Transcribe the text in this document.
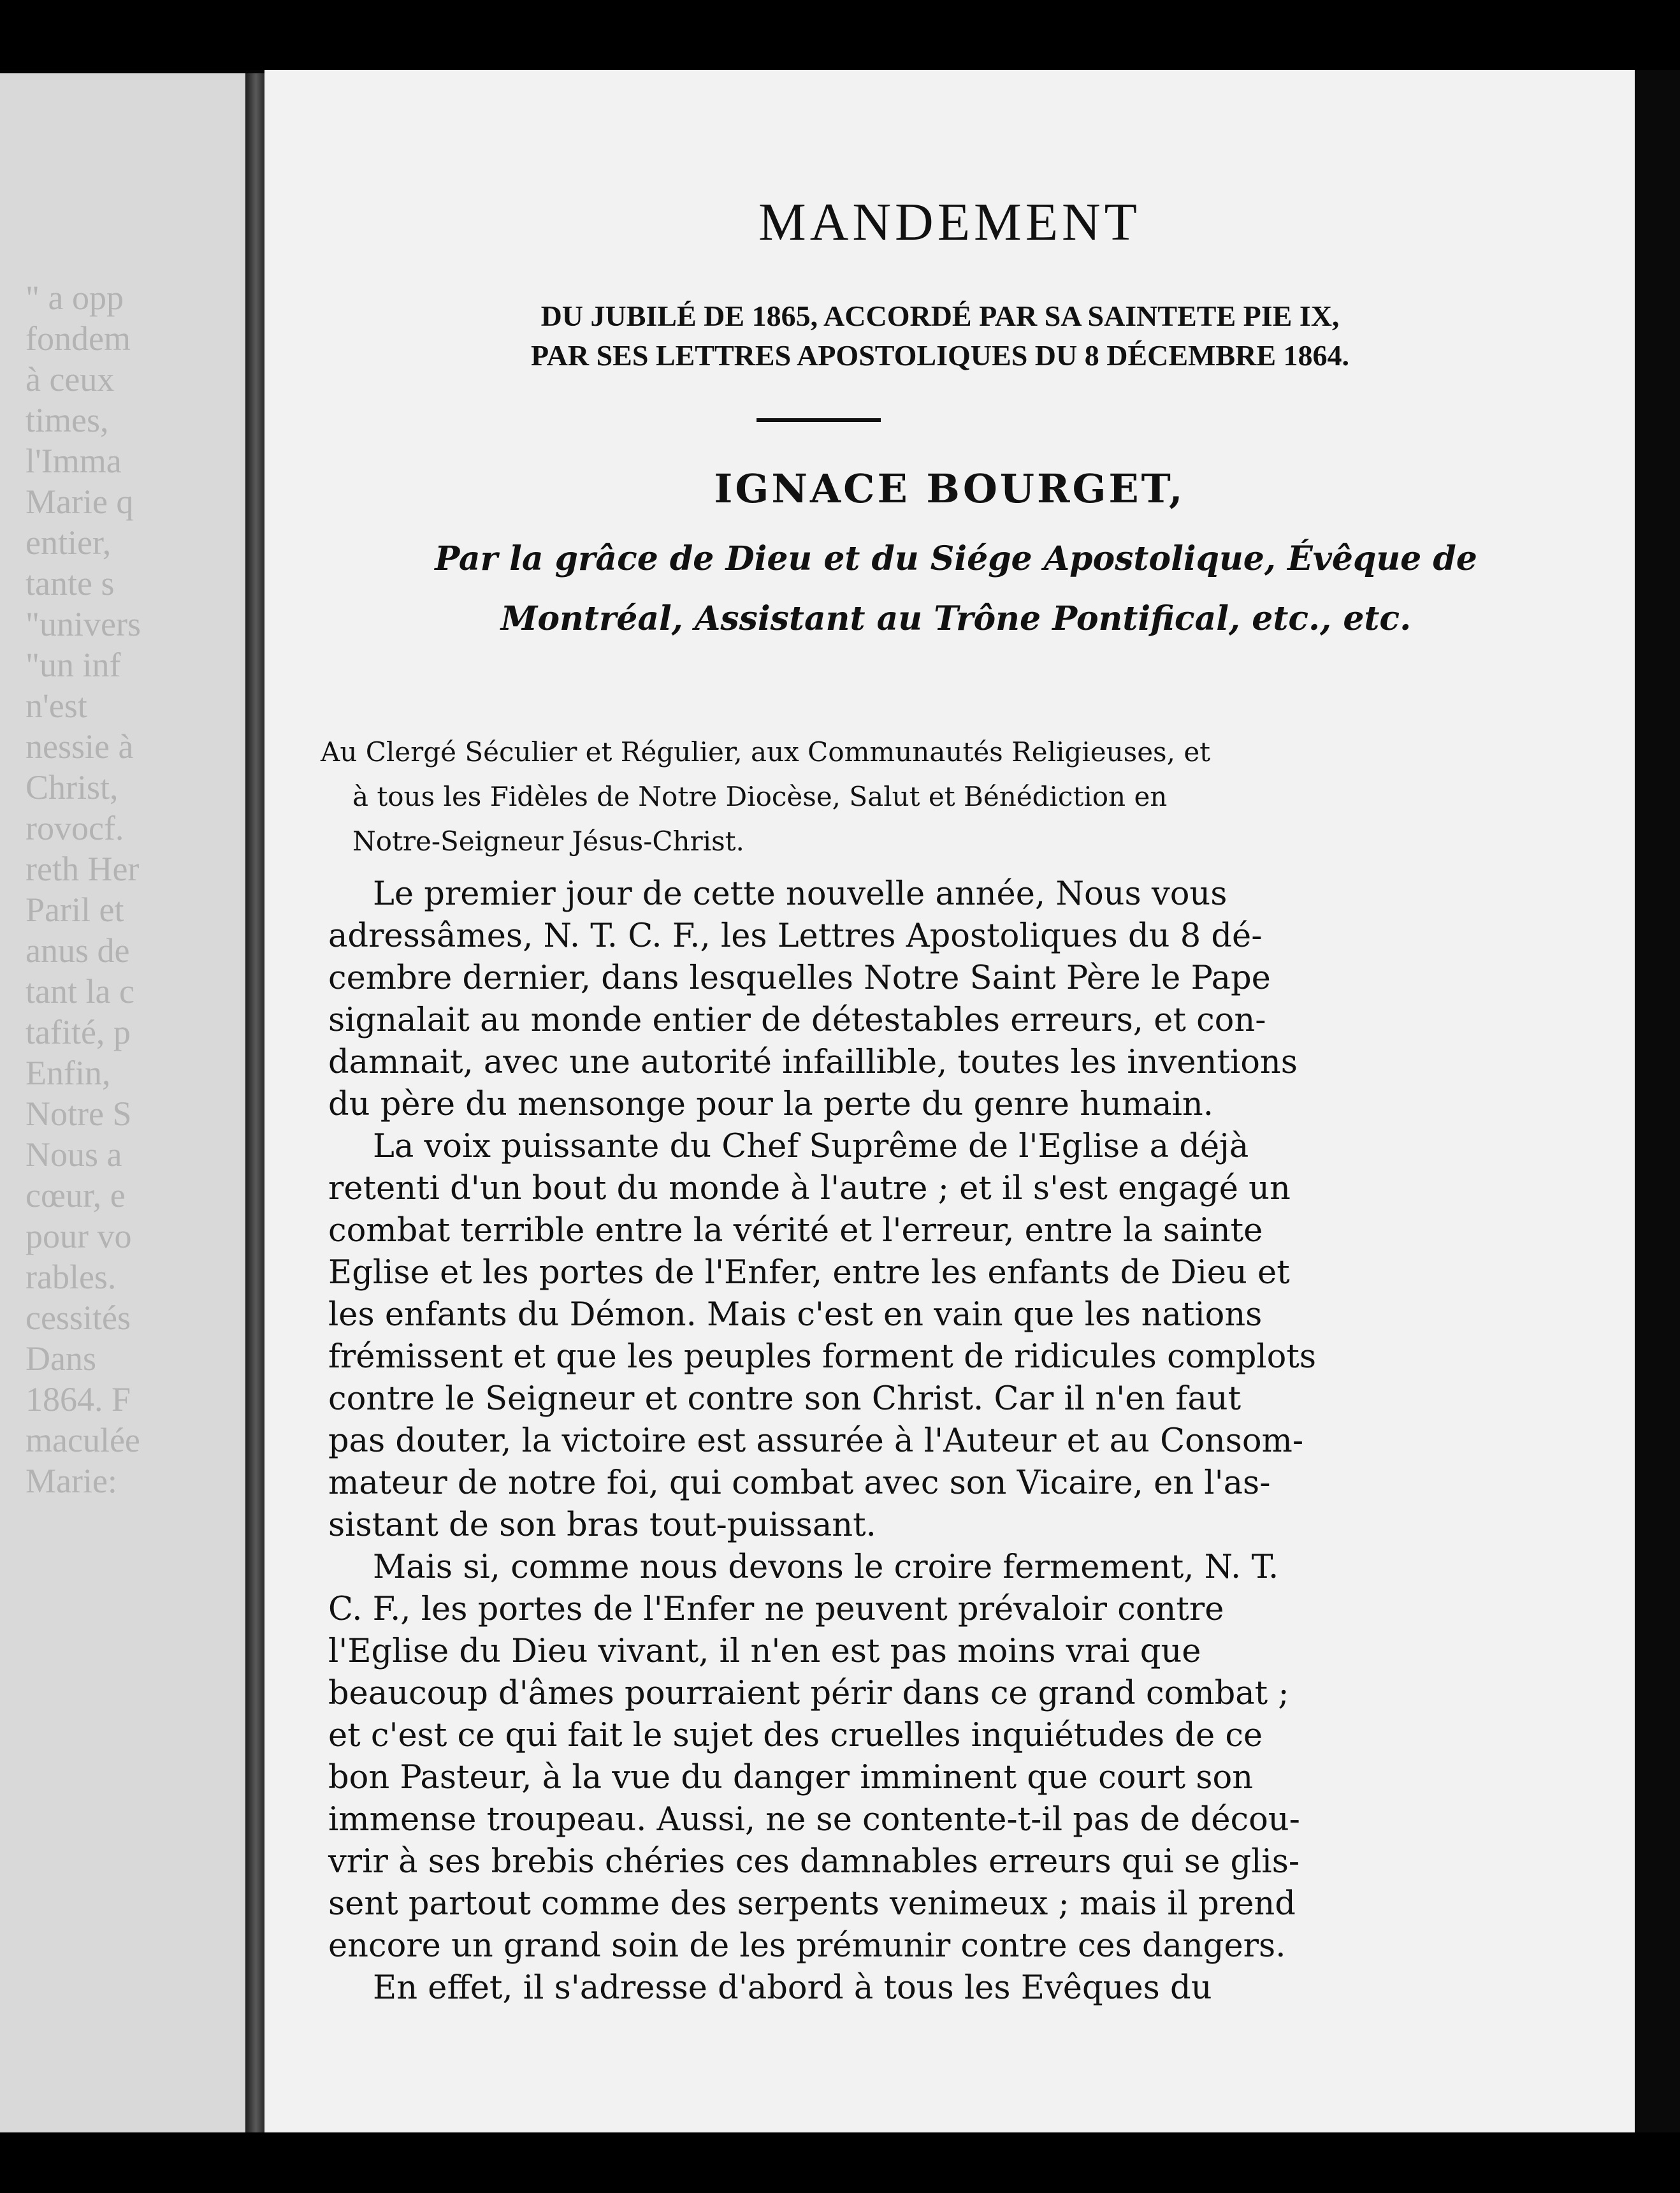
" a opp
fondem
à ceux
times,
l'Imma
Marie q
entier,
tante s
"univers
"un inf
n'est
nessie à
Christ,
rovocf.
reth Her
Paril et
anus de
tant la c
tafité, p
Enfin,
Notre S
Nous a
cœur, e
pour vo
rables.
cessités
Dans
1864. F
maculée
Marie:
MANDEMENT
DU JUBILÉ DE 1865, ACCORDÉ PAR SA SAINTETE PIE IX,
PAR SES LETTRES APOSTOLIQUES DU 8 DÉCEMBRE 1864.
IGNACE BOURGET,
Par la grâce de Dieu et du Siége Apostolique, Évêque de
Montréal, Assistant au Trône Pontifical, etc., etc.
Au Clergé Séculier et Régulier, aux Communautés Religieuses, et
à tous les Fidèles de Notre Diocèse, Salut et Bénédiction en
Notre-Seigneur Jésus-Christ.
Le premier jour de cette nouvelle année, Nous vous
adressâmes, N. T. C. F., les Lettres Apostoliques du 8 dé-
cembre dernier, dans lesquelles Notre Saint Père le Pape
signalait au monde entier de détestables erreurs, et con-
damnait, avec une autorité infaillible, toutes les inventions
du père du mensonge pour la perte du genre humain.
La voix puissante du Chef Suprême de l'Eglise a déjà
retenti d'un bout du monde à l'autre ; et il s'est engagé un
combat terrible entre la vérité et l'erreur, entre la sainte
Eglise et les portes de l'Enfer, entre les enfants de Dieu et
les enfants du Démon. Mais c'est en vain que les nations
frémissent et que les peuples forment de ridicules complots
contre le Seigneur et contre son Christ. Car il n'en faut
pas douter, la victoire est assurée à l'Auteur et au Consom-
mateur de notre foi, qui combat avec son Vicaire, en l'as-
sistant de son bras tout-puissant.
Mais si, comme nous devons le croire fermement, N. T.
C. F., les portes de l'Enfer ne peuvent prévaloir contre
l'Eglise du Dieu vivant, il n'en est pas moins vrai que
beaucoup d'âmes pourraient périr dans ce grand combat ;
et c'est ce qui fait le sujet des cruelles inquiétudes de ce
bon Pasteur, à la vue du danger imminent que court son
immense troupeau. Aussi, ne se contente-t-il pas de décou-
vrir à ses brebis chéries ces damnables erreurs qui se glis-
sent partout comme des serpents venimeux ; mais il prend
encore un grand soin de les prémunir contre ces dangers.
En effet, il s'adresse d'abord à tous les Evêques du
